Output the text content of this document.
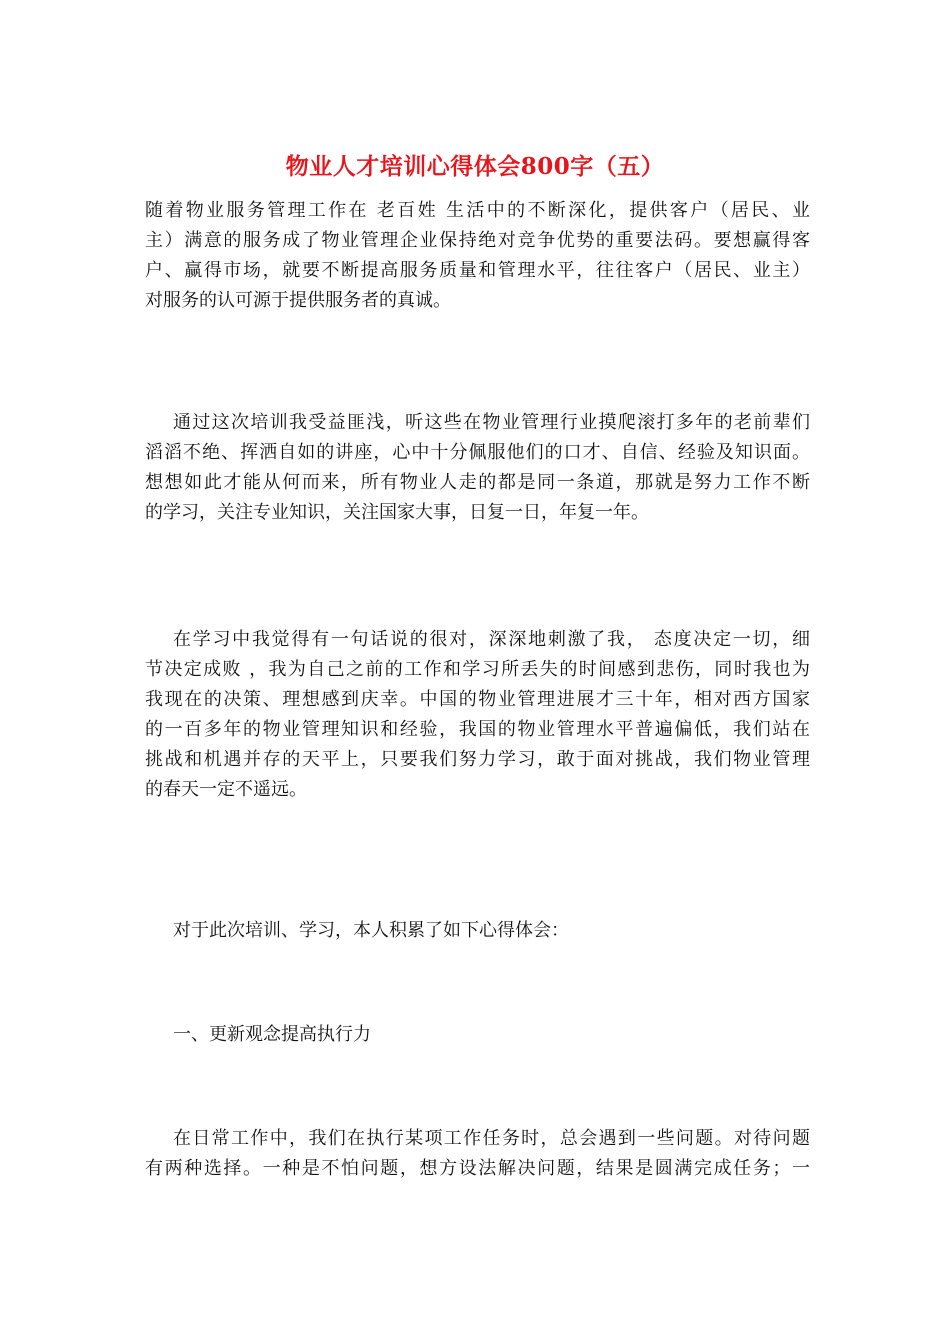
物业人才培训心得体会800字（五）
随着物业服务管理工作在 老百姓 生活中的不断深化，提供客户（居民、业
主）满意的服务成了物业管理企业保持绝对竞争优势的重要法码。要想赢得客
户、赢得市场，就要不断提高服务质量和管理水平，往往客户（居民、业主）
对服务的认可源于提供服务者的真诚。
通过这次培训我受益匪浅，听这些在物业管理行业摸爬滚打多年的老前辈们
滔滔不绝、挥洒自如的讲座，心中十分佩服他们的口才、自信、经验及知识面。
想想如此才能从何而来，所有物业人走的都是同一条道，那就是努力工作不断
的学习，关注专业知识，关注国家大事，日复一日，年复一年。
在学习中我觉得有一句话说的很对，深深地刺激了我， 态度决定一切，细
节决定成败 ，我为自己之前的工作和学习所丢失的时间感到悲伤，同时我也为
我现在的决策、理想感到庆幸。中国的物业管理进展才三十年，相对西方国家
的一百多年的物业管理知识和经验，我国的物业管理水平普遍偏低，我们站在
挑战和机遇并存的天平上，只要我们努力学习，敢于面对挑战，我们物业管理
的春天一定不遥远。
对于此次培训、学习，本人积累了如下心得体会：
一、更新观念提高执行力
在日常工作中，我们在执行某项工作任务时，总会遇到一些问题。对待问题
有两种选择。一种是不怕问题，想方设法解决问题，结果是圆满完成任务；一
